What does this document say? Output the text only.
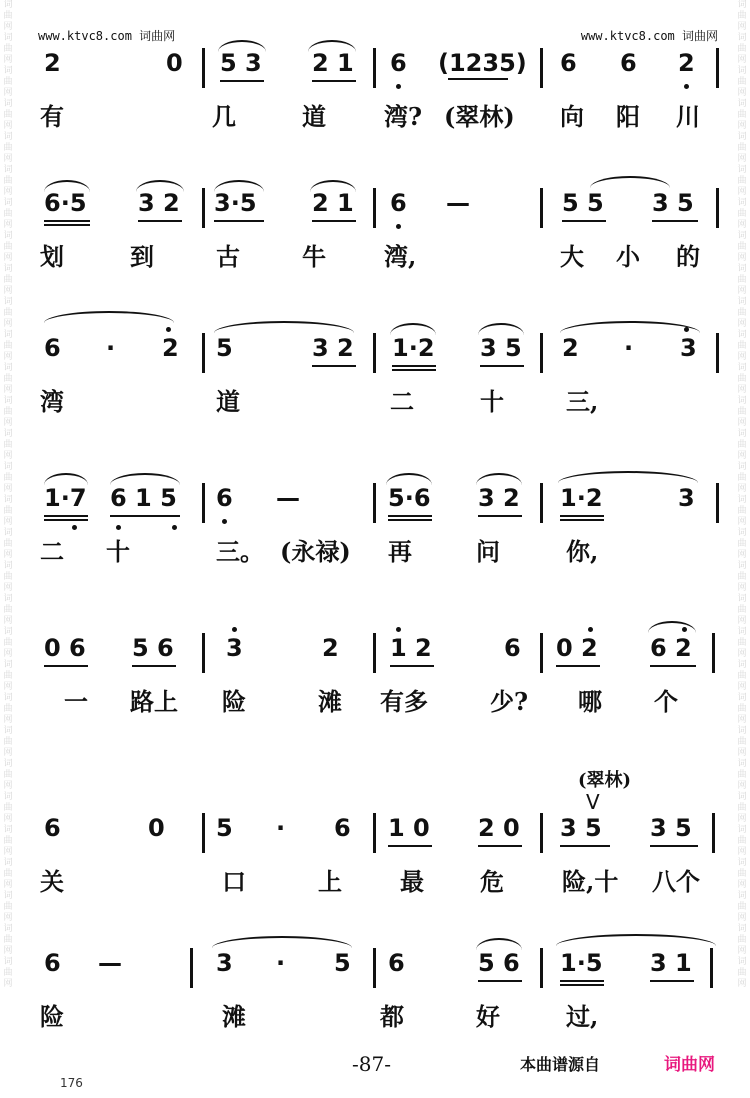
词曲网词曲网词曲网词曲网词曲网词曲网词曲网词曲网词曲网词曲网词曲网词曲网词曲网词曲网词曲网词曲网词曲网词曲网词曲网词曲网词曲网词曲网词曲网词曲网词曲网词曲网词曲网词曲网词曲网词曲网
词曲网词曲网词曲网词曲网词曲网词曲网词曲网词曲网词曲网词曲网词曲网词曲网词曲网词曲网词曲网词曲网词曲网词曲网词曲网词曲网词曲网词曲网词曲网词曲网词曲网词曲网词曲网词曲网词曲网词曲网
www.ktvc8.com 词曲网	www.ktvc8.com 词曲网
2	0 5 3 2 1 6 (1235) 6 6 2
有	几	道 湾? (翠林) 向 阳 川
6·5 3 2 3·5 2 1 6 —	5 5 3 5
划	到	古	牛 湾,	大 小 的
6 · 2 5	3 2 1·2 3 5 2 · 3
湾	道	二	十	三,
1·7 6 1 5 6 —	5·6 3 2 1·2	3
二 十	三。 (永禄) 再	问	你,
0 6 5 6 3	2 1 2	6 0 2 6 2
一 路上 险	滩 有多	少? 哪 个
(翠林)
V
6	0 5 · 6 1 0 2 0 3 5 3 5
关	口	上 最 危 险,十 八个
6 —	3 · 5 6	5 6 1·5 3 1
险	滩	都	好	过,
176
-87-	本曲谱源自	词曲网
